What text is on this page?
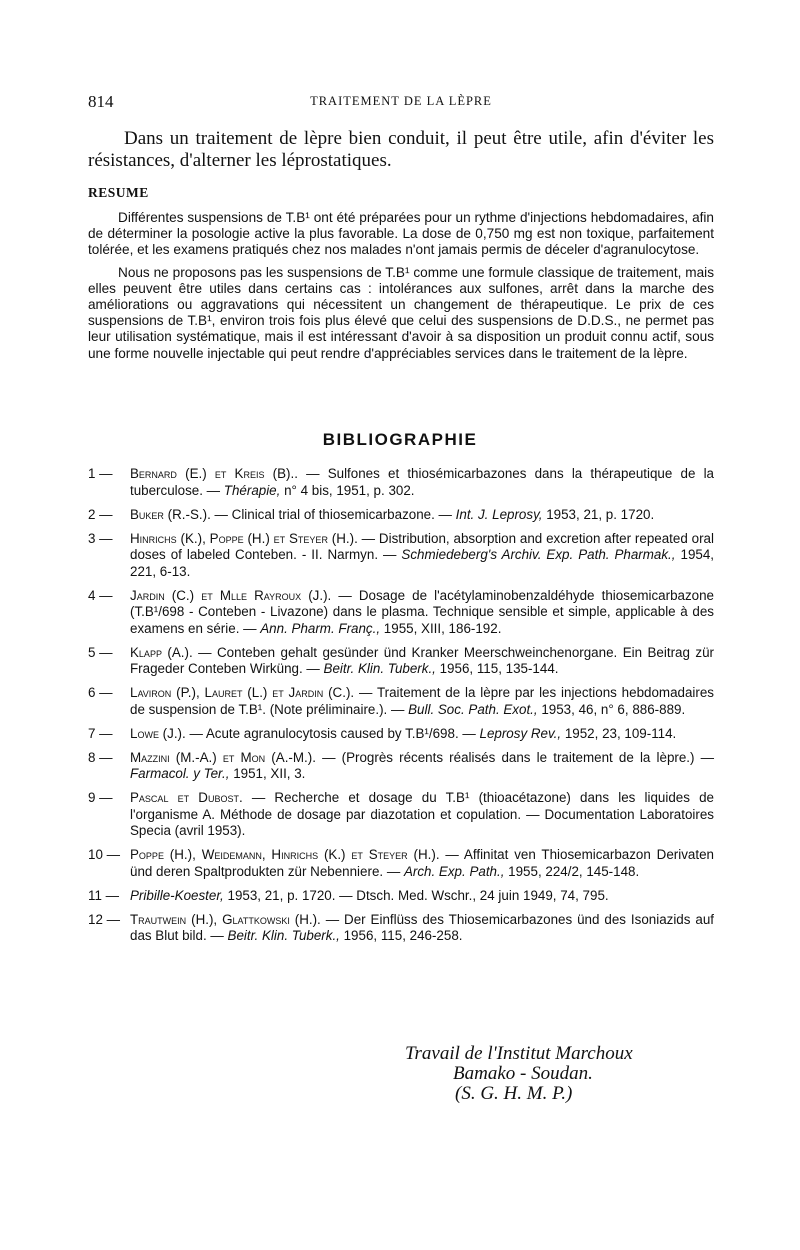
814	TRAITEMENT DE LA LÈPRE

Dans un traitement de lèpre bien conduit, il peut être utile, afin d'éviter les résistances, d'alterner les léprostatiques.

RESUME

Différentes suspensions de T.B¹ ont été préparées pour un rythme d'injections hebdomadaires, afin de déterminer la posologie active la plus favorable. La dose de 0,750 mg est non toxique, parfaitement tolérée, et les examens pratiqués chez nos malades n'ont jamais permis de déceler d'agranulocytose.

Nous ne proposons pas les suspensions de T.B¹ comme une formule classique de traitement, mais elles peuvent être utiles dans certains cas : intolérances aux sulfones, arrêt dans la marche des améliorations ou aggravations qui nécessitent un changement de thérapeutique. Le prix de ces suspensions de T.B¹, environ trois fois plus élevé que celui des suspensions de D.D.S., ne permet pas leur utilisation systématique, mais il est intéressant d'avoir à sa disposition un produit connu actif, sous une forme nouvelle injectable qui peut rendre d'appréciables services dans le traitement de la lèpre.

BIBLIOGRAPHIE
1 —	Bernard (E.) et Kreis (B).. — Sulfones et thiosémicarbazones dans la thérapeutique de la tuberculose. — Thérapie, n° 4 bis, 1951, p. 302.
2 —	Buker (R.-S.). — Clinical trial of thiosemicarbazone. — Int. J. Leprosy, 1953, 21, p. 1720.
3 —	Hinrichs (K.), Poppe (H.) et Steyer (H.). — Distribution, absorption and excretion after repeated oral doses of labeled Conteben. - II. Narmyn. — Schmiedeberg's Archiv. Exp. Path. Pharmak., 1954, 221, 6-13.
4 —	Jardin (C.) et Mlle Rayroux (J.). — Dosage de l'acétylaminobenzaldéhyde thiosemicarbazone (T.B¹/698 - Conteben - Livazone) dans le plasma. Technique sensible et simple, applicable à des examens en série. — Ann. Pharm. Franç., 1955, XIII, 186-192.
5 —	Klapp (A.). — Conteben gehalt gesünder ünd Kranker Meerschweinchenorgane. Ein Beitrag zür Frageder Conteben Wirküng. — Beitr. Klin. Tuberk., 1956, 115, 135-144.
6 —	Laviron (P.), Lauret (L.) et Jardin (C.). — Traitement de la lèpre par les injections hebdomadaires de suspension de T.B¹. (Note préliminaire.). — Bull. Soc. Path. Exot., 1953, 46, n° 6, 886-889.
7 —	Lowe (J.). — Acute agranulocytosis caused by T.B¹/698. — Leprosy Rev., 1952, 23, 109-114.
8 —	Mazzini (M.-A.) et Mon (A.-M.). — (Progrès récents réalisés dans le traitement de la lèpre.) — Farmacol. y Ter., 1951, XII, 3.
9 —	Pascal et Dubost. — Recherche et dosage du T.B¹ (thioacétazone) dans les liquides de l'organisme A. Méthode de dosage par diazotation et copulation. — Documentation Laboratoires Specia (avril 1953).
10 — Poppe (H.), Weidemann, Hinrichs (K.) et Steyer (H.). — Affinitat ven Thiosemicarbazon Derivaten ünd deren Spaltprodukten zür Nebenniere. — Arch. Exp. Path., 1955, 224/2, 145-148.
11 — Pribille-Koester, 1953, 21, p. 1720. — Dtsch. Med. Wschr., 24 juin 1949, 74, 795.
12 — Trautwein (H.), Glattkowski (H.). — Der Einflüss des Thiosemicarbazones ünd des Isoniazids auf das Blut bild. — Beitr. Klin. Tuberk., 1956, 115, 246-258.
Travail de l'Institut Marchoux
Bamako - Soudan.
(S. G. H. M. P.)
